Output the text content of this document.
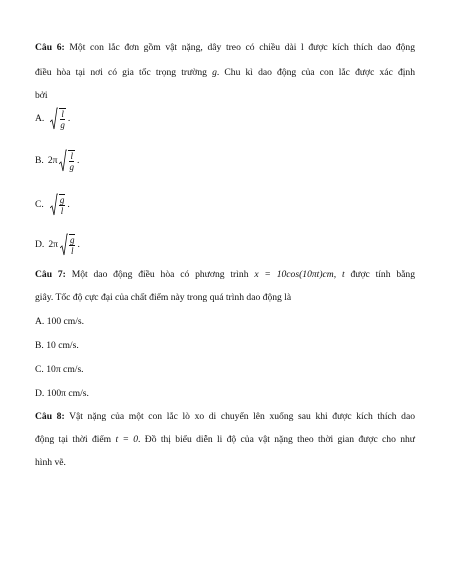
Câu 6: Một con lắc đơn gồm vật nặng, dây treo có chiều dài l được kích thích dao động
điều hòa tại nơi có gia tốc trọng trường g. Chu kì dao động của con lắc được xác định
bởi
A. $\frac{l}{g}$ .
B. $2\pi \frac{l}{g}$ .
C. $\frac{g}{l}$ .
D. $2\pi \frac{g}{l}$ .
Câu 7: Một dao động điều hòa có phương trình x = 10cos(10πt)cm, t được tính bằng
giây. Tốc độ cực đại của chất điểm này trong quá trình dao động là
A. 100 cm/s.
B. 10 cm/s.
C. 10π cm/s.
D. 100π cm/s.
Câu 8: Vật nặng của một con lắc lò xo di chuyển lên xuống sau khi được kích thích dao
động tại thời điểm t = 0. Đồ thị biểu diễn li độ của vật nặng theo thời gian được cho như
hình vẽ.
